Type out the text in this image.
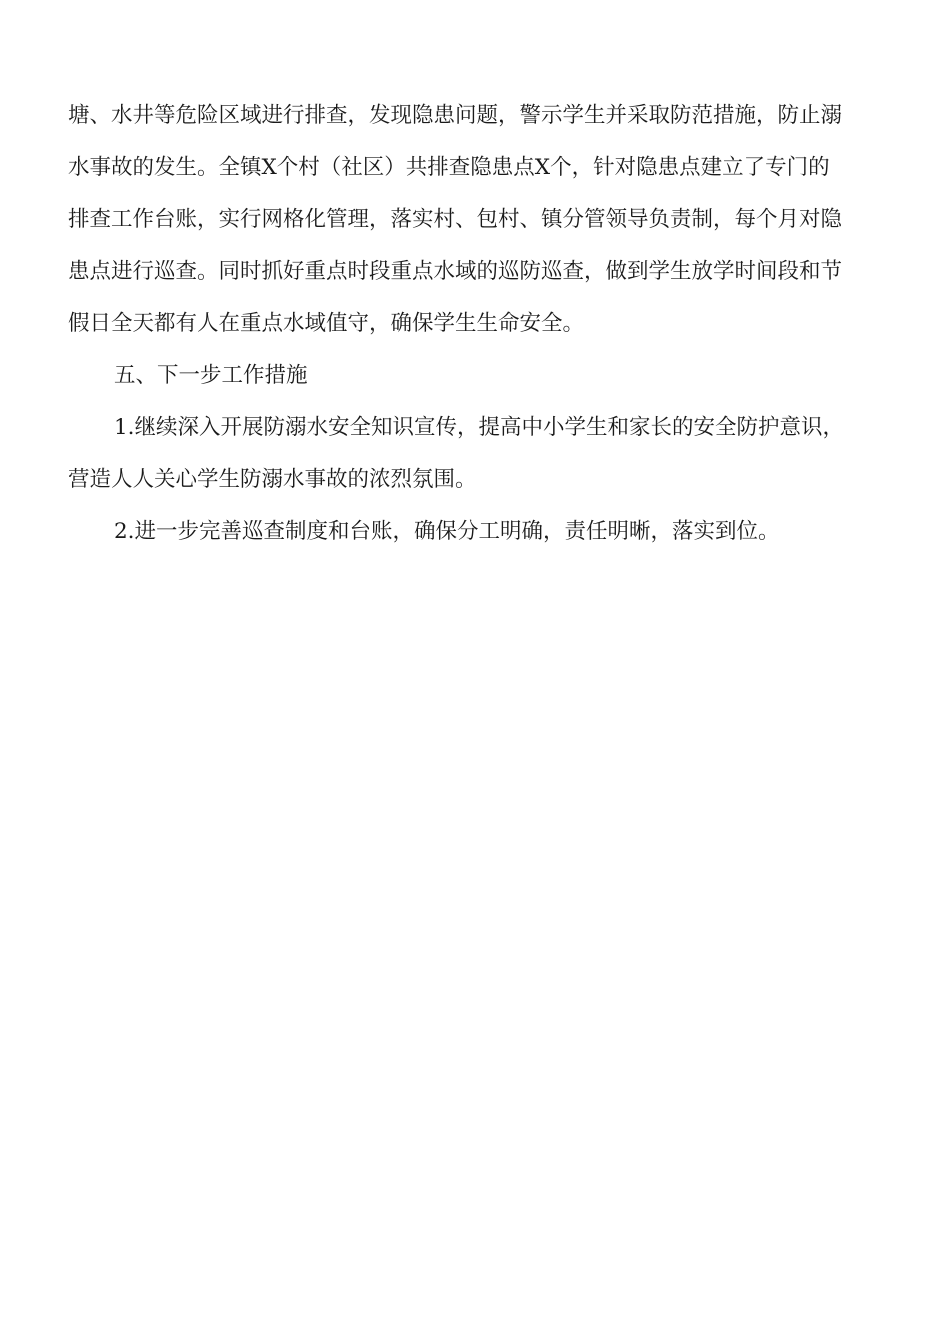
塘、水井等危险区域进行排查，发现隐患问题，警示学生并采取防范措施，防止溺
水事故的发生。全镇X个村（社区）共排查隐患点X个，针对隐患点建立了专门的
排查工作台账，实行网格化管理，落实村、包村、镇分管领导负责制，每个月对隐
患点进行巡查。同时抓好重点时段重点水域的巡防巡查，做到学生放学时间段和节
假日全天都有人在重点水域值守，确保学生生命安全。
五、下一步工作措施
1.继续深入开展防溺水安全知识宣传，提高中小学生和家长的安全防护意识，
营造人人关心学生防溺水事故的浓烈氛围。
2.进一步完善巡查制度和台账，确保分工明确，责任明晰，落实到位。
